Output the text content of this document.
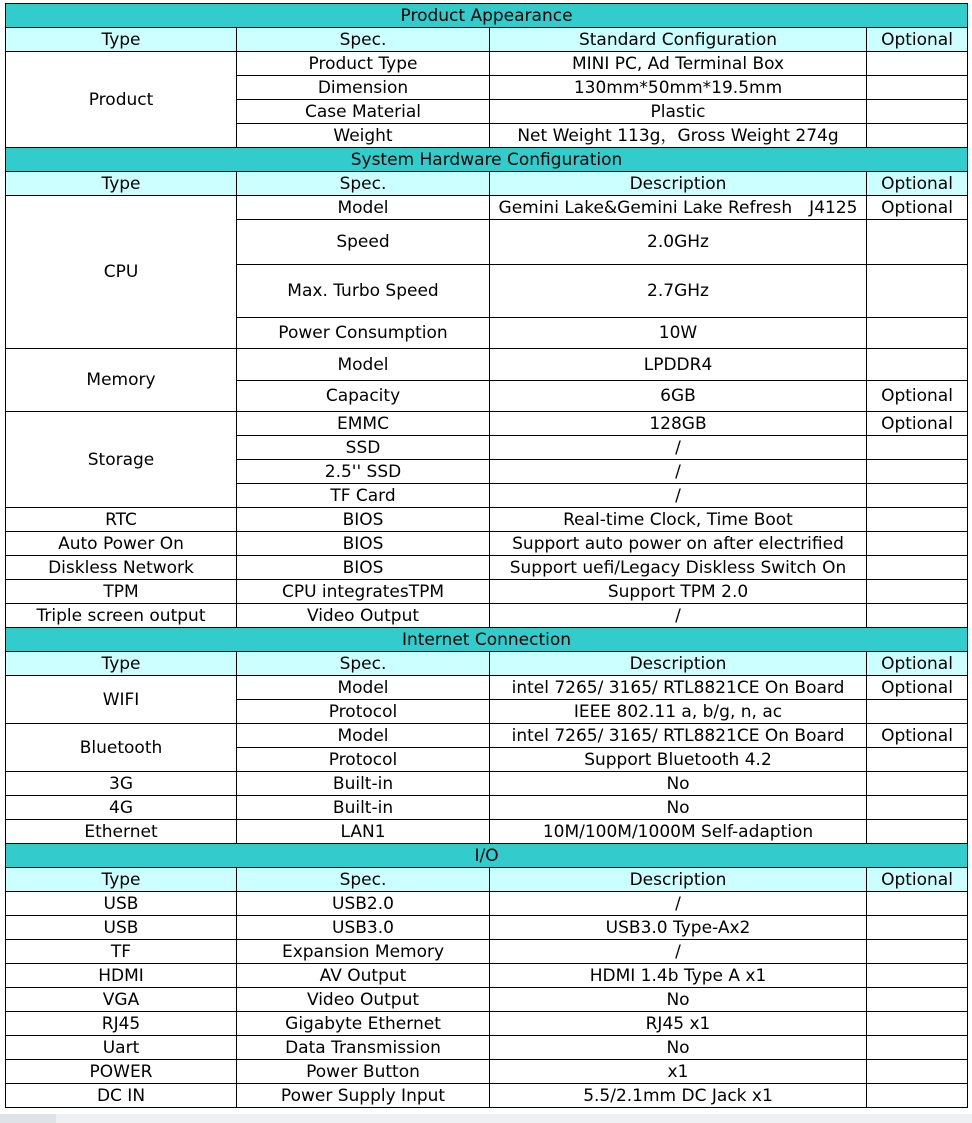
Product Appearance			
Type	Spec.	Standard Configuration	Optional
Product	Product Type	MINI PC, Ad Terminal Box	
	Dimension	130mm*50mm*19.5mm	
	Case Material	Plastic	
	Weight	Net Weight 113g，Gross Weight 274g	
System Hardware Configuration			
Type	Spec.	Description	Optional
CPU	Model	Gemini Lake&Gemini Lake Refresh　J4125	Optional
	Speed	2.0GHz	
	Max. Turbo Speed	2.7GHz	
	Power Consumption	10W	
Memory	Model	LPDDR4	
	Capacity	6GB	Optional
Storage	EMMC	128GB	Optional
	SSD	/	
	2.5'' SSD	/	
	TF Card	/	
RTC	BIOS	Real-time Clock, Time Boot	
Auto Power On	BIOS	Support auto power on after electrified	
Diskless Network	BIOS	Support uefi/Legacy Diskless Switch On	
TPM	CPU integratesTPM	Support TPM 2.0	
Triple screen output	Video Output	/	
Internet Connection			
Type	Spec.	Description	Optional
WIFI	Model	intel 7265/ 3165/ RTL8821CE On Board	Optional
	Protocol	IEEE 802.11 a, b/g, n, ac	
Bluetooth	Model	intel 7265/ 3165/ RTL8821CE On Board	Optional
	Protocol	Support Bluetooth 4.2	
3G	Built-in	No	
4G	Built-in	No	
Ethernet	LAN1	10M/100M/1000M Self-adaption	
I/O			
Type	Spec.	Description	Optional
USB	USB2.0	/	
USB	USB3.0	USB3.0 Type-Ax2	
TF	Expansion Memory	/	
HDMI	AV Output	HDMI 1.4b Type A x1	
VGA	Video Output	No	
RJ45	Gigabyte Ethernet	RJ45 x1	
Uart	Data Transmission	No	
POWER	Power Button	x1	
DC IN	Power Supply Input	5.5/2.1mm DC Jack x1	
